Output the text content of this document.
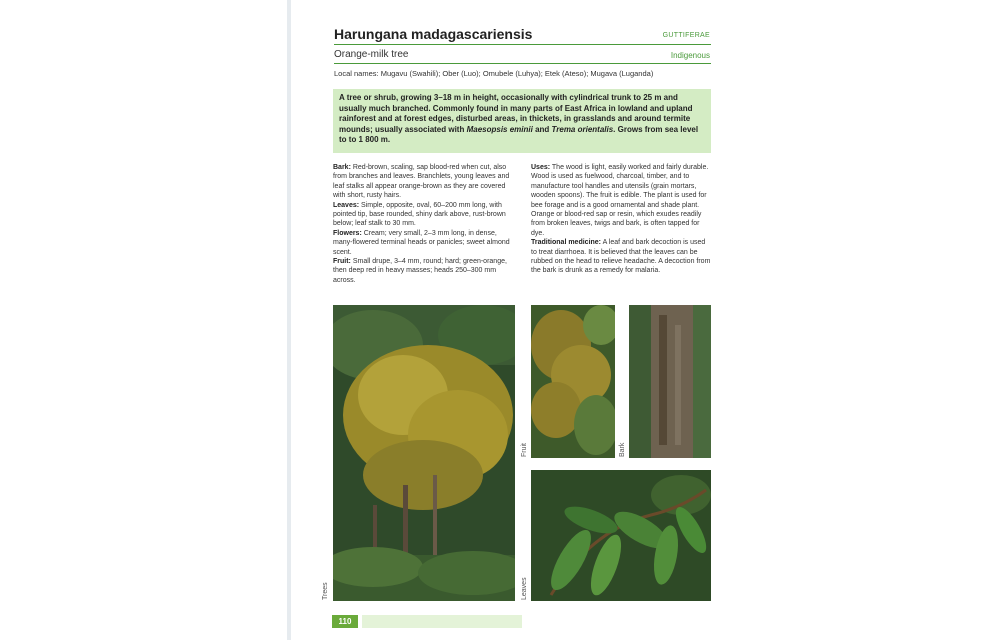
Harungana madagascariensis	GUTTIFERAE
Orange-milk tree	Indigenous
Local names: Mugavu (Swahili); Ober (Luo); Omubele (Luhya); Etek (Ateso); Mugava (Luganda)
A tree or shrub, growing 3–18 m in height, occasionally with cylindrical trunk to 25 m and usually much branched. Commonly found in many parts of East Africa in lowland and upland rainforest and at forest edges, disturbed areas, in thickets, in grasslands and around termite mounds; usually associated with Maesopsis eminii and Trema orientalis. Grows from sea level to to 1 800 m.
Bark: Red-brown, scaling, sap blood-red when cut, also from branches and leaves. Branchlets, young leaves and leaf stalks all appear orange-brown as they are covered with short, rusty hairs.
Leaves: Simple, opposite, oval, 60–200 mm long, with pointed tip, base rounded, shiny dark above, rust-brown below; leaf stalk to 30 mm.
Flowers: Cream; very small, 2–3 mm long, in dense, many-flowered terminal heads or panicles; sweet almond scent.
Fruit: Small drupe, 3–4 mm, round; hard; green-orange, then deep red in heavy masses; heads 250–300 mm across.
Uses: The wood is light, easily worked and fairly durable. Wood is used as fuelwood, charcoal, timber, and to manufacture tool handles and utensils (grain mortars, wooden spoons). The fruit is edible. The plant is used for bee forage and is a good ornamental and shade plant. Orange or blood-red sap or resin, which exudes readily from broken leaves, twigs and bark, is often tapped for dye.
Traditional medicine: A leaf and bark decoction is used to treat diarrhoea. It is believed that the leaves can be rubbed on the head to relieve headache. A decoction from the bark is drunk as a remedy for malaria.
Trees
Fruit	Bark
Leaves
110
